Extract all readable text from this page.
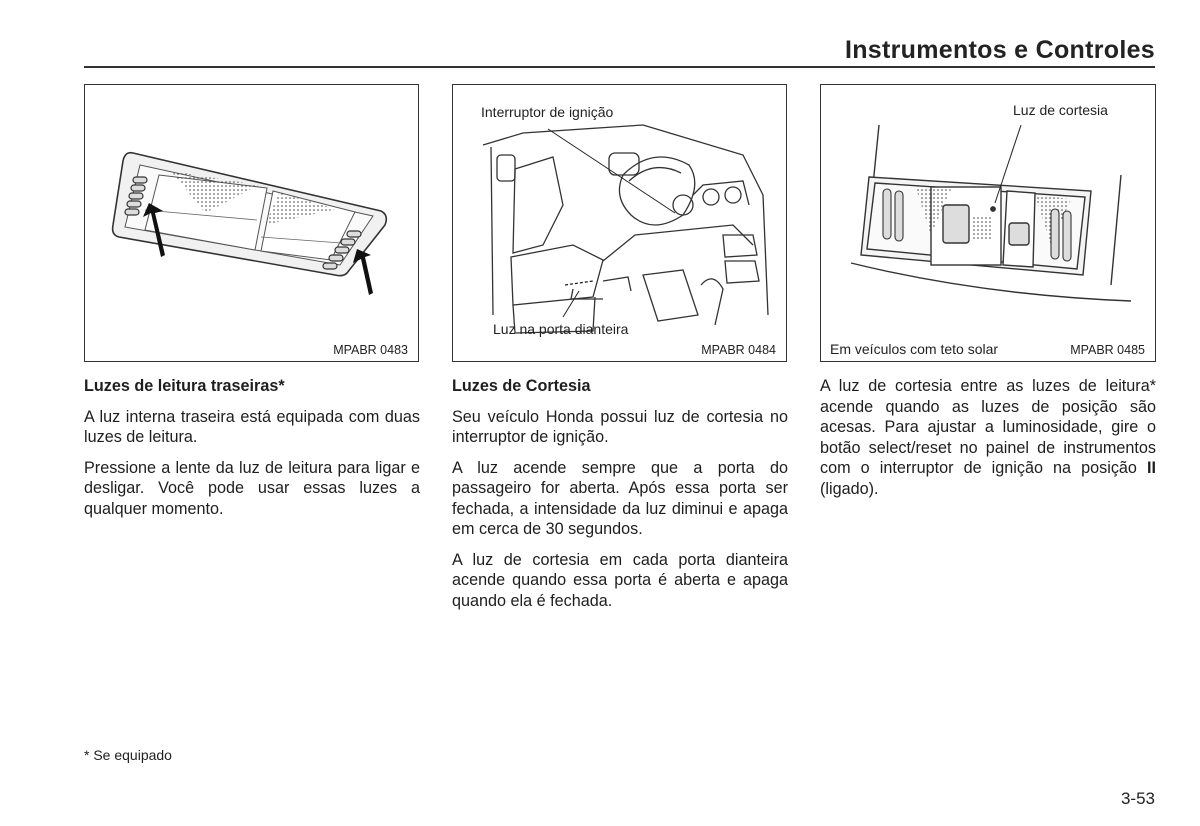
Instrumentos e Controles
MPABR 0483
Interruptor de ignição
Luz na porta dianteira
MPABR 0484
Luz de cortesia
Em veículos com teto solar	MPABR 0485
Luzes de leitura traseiras*

A luz interna traseira está equipada com duas luzes de leitura.

Pressione a lente da luz de leitura para ligar e desligar. Você pode usar essas luzes a qualquer momento.

Luzes de Cortesia

Seu veículo Honda possui luz de cortesia no interruptor de ignição.

A luz acende sempre que a porta do passageiro for aberta. Após essa porta ser fechada, a intensidade da luz diminui e apaga em cerca de 30 segundos.

A luz de cortesia em cada porta dianteira acende quando essa porta é aberta e apaga quando ela é fechada.

A luz de cortesia entre as luzes de leitura* acende quando as luzes de posição são acesas. Para ajustar a luminosidade, gire o botão select/reset no painel de instrumentos com o interruptor de ignição na posição II (ligado).

* Se equipado
3-53
